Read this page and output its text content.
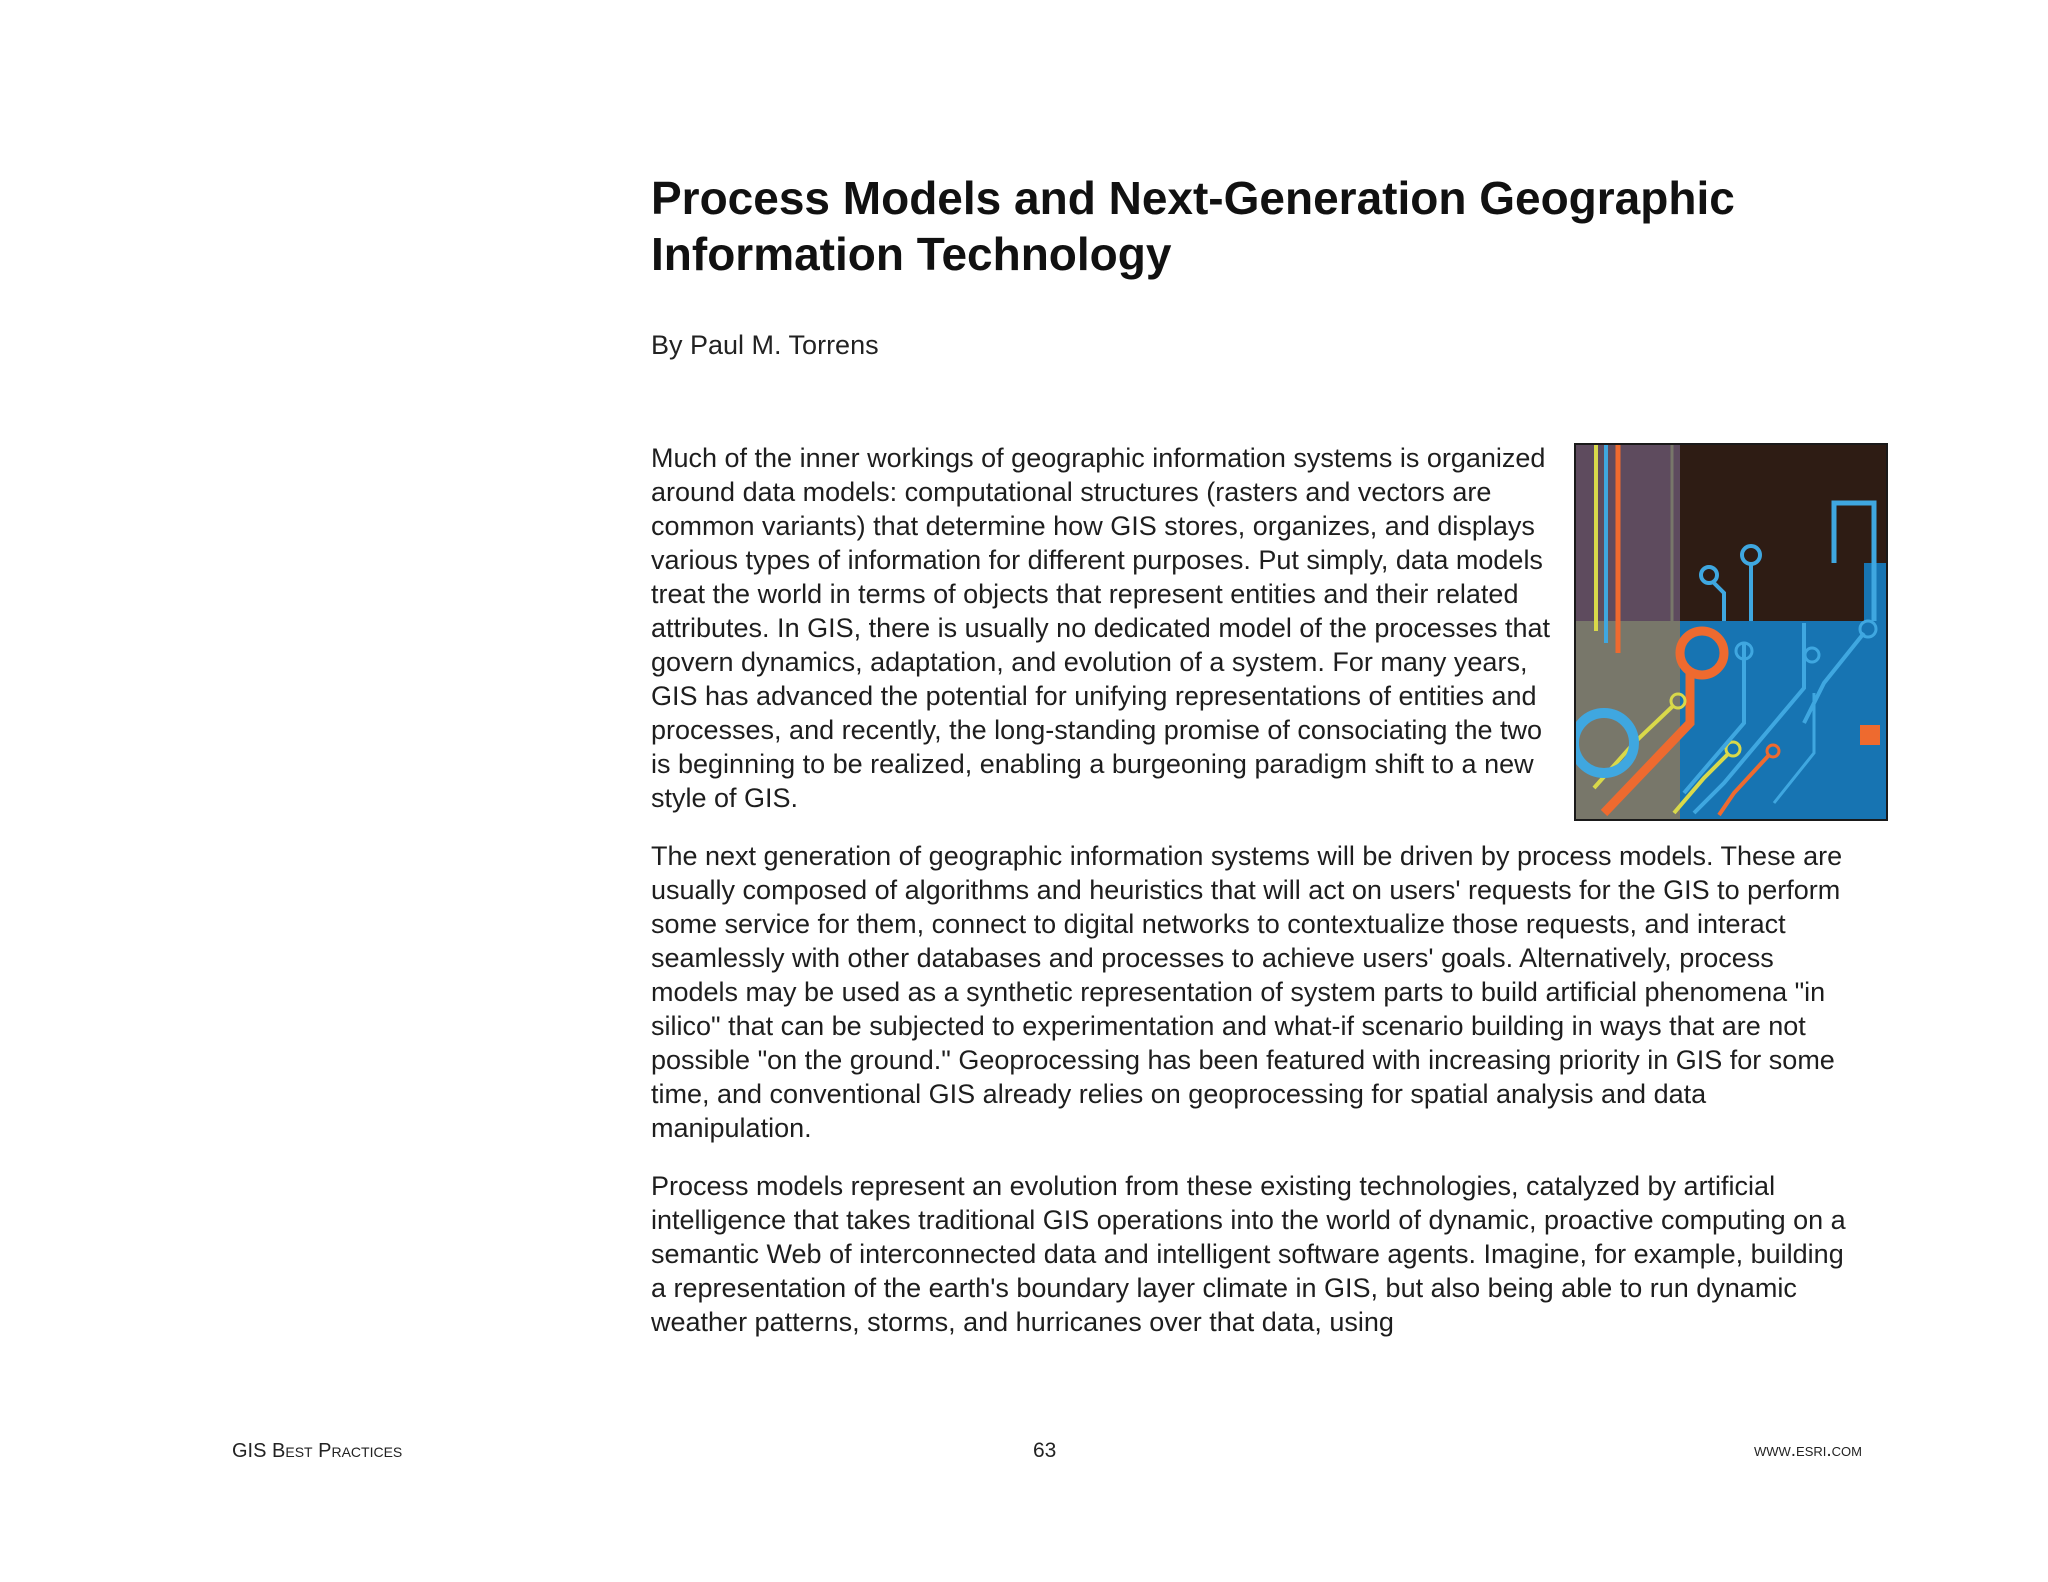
Process Models and Next-Generation Geographic Information Technology
By Paul M. Torrens

Much of the inner workings of geographic information systems is organized around data models: computational structures (rasters and vectors are common variants) that determine how GIS stores, organizes, and displays various types of information for different purposes. Put simply, data models treat the world in terms of objects that represent entities and their related attributes. In GIS, there is usually no dedicated model of the processes that govern dynamics, adaptation, and evolution of a system. For many years, GIS has advanced the potential for unifying representations of entities and processes, and recently, the long-standing promise of consociating the two is beginning to be realized, enabling a burgeoning paradigm shift to a new style of GIS.

The next generation of geographic information systems will be driven by process models. These are usually composed of algorithms and heuristics that will act on users' requests for the GIS to perform some service for them, connect to digital networks to contextualize those requests, and interact seamlessly with other databases and processes to achieve users' goals. Alternatively, process models may be used as a synthetic representation of system parts to build artificial phenomena "in silico" that can be subjected to experimentation and what-if scenario building in ways that are not possible "on the ground." Geoprocessing has been featured with increasing priority in GIS for some time, and conventional GIS already relies on geoprocessing for spatial analysis and data manipulation.

Process models represent an evolution from these existing technologies, catalyzed by artificial intelligence that takes traditional GIS operations into the world of dynamic, proactive computing on a semantic Web of interconnected data and intelligent software agents. Imagine, for example, building a representation of the earth's boundary layer climate in GIS, but also being able to run dynamic weather patterns, storms, and hurricanes over that data, using

GIS Best Practices	63	www.esri.com
